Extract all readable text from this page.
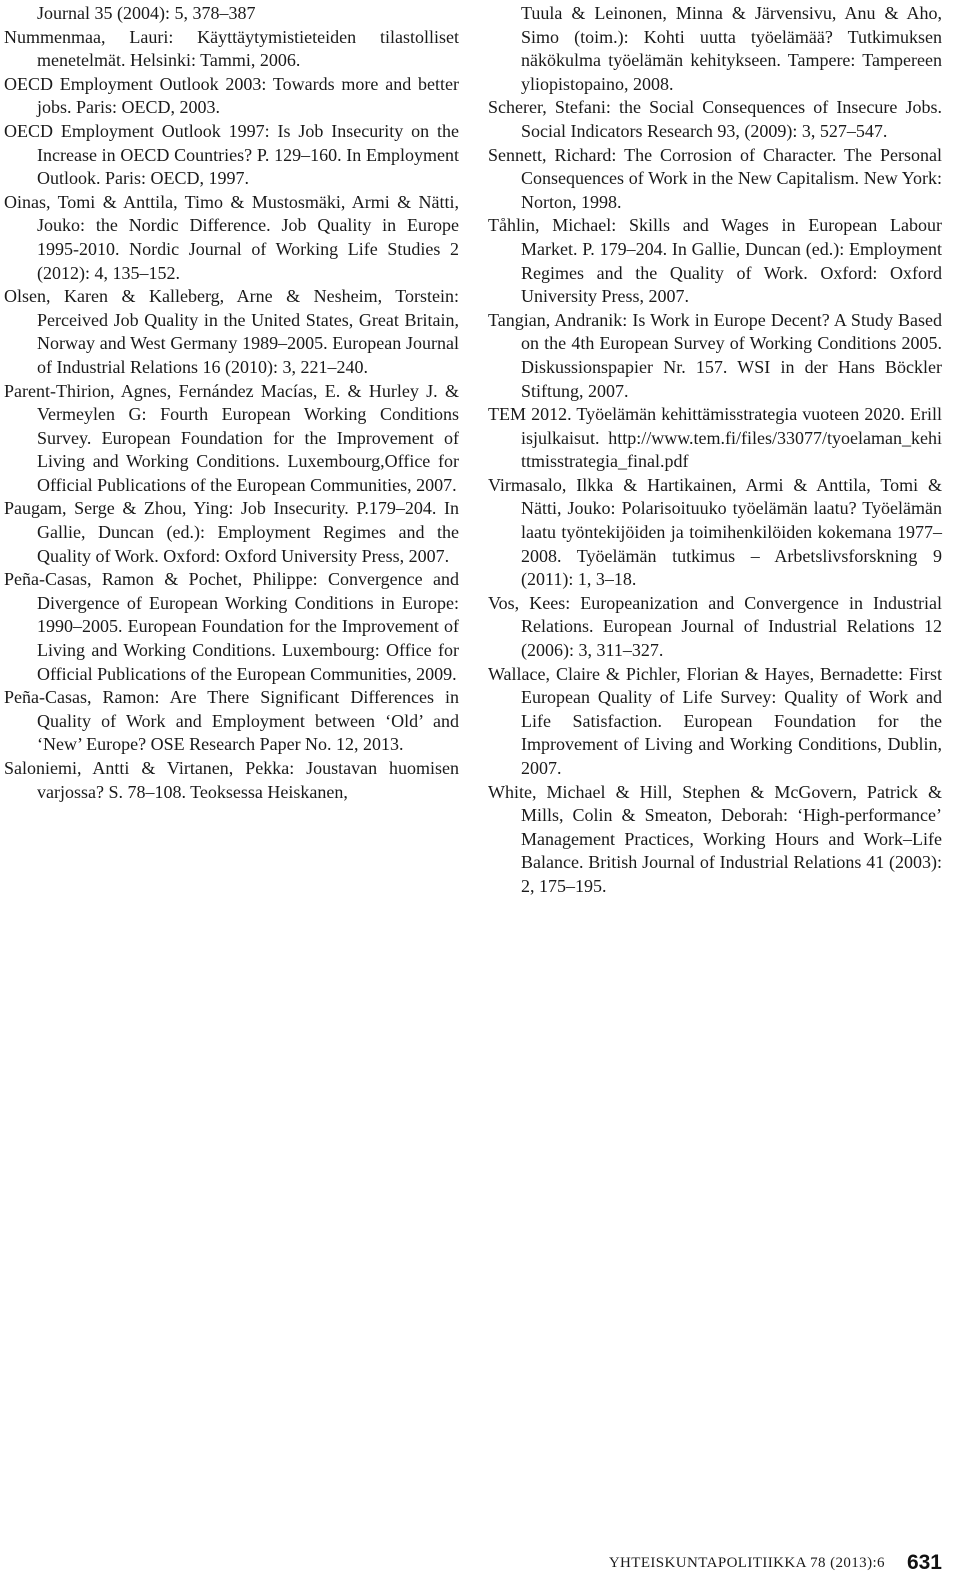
Journal 35 (2004): 5, 378–387

Nummenmaa, Lauri: Käyttäytymistieteiden tilastolliset menetelmät. Helsinki: Tammi, 2006.

OECD Employment Outlook 2003: Towards more and better jobs. Paris: OECD, 2003.

OECD Employment Outlook 1997: Is Job Insecurity on the Increase in OECD Countries? P. 129–160. In Employment Outlook. Paris: OECD, 1997.

Oinas, Tomi & Anttila, Timo & Mustosmäki, Armi & Nätti, Jouko: the Nordic Difference. Job Quality in Europe 1995-2010. Nordic Journal of Working Life Studies 2 (2012): 4, 135–152.

Olsen, Karen & Kalleberg, Arne & Nesheim, Torstein: Perceived Job Quality in the United States, Great Britain, Norway and West Germany 1989–2005. European Journal of Industrial Relations 16 (2010): 3, 221–240.

Parent-Thirion, Agnes, Fernández Macías, E. & Hurley J. & Vermeylen G: Fourth European Working Conditions Survey. European Foundation for the Improvement of Living and Working Conditions. Luxembourg,Office for Official Publications of the European Communities, 2007.

Paugam, Serge & Zhou, Ying: Job Insecurity. P.179–204. In Gallie, Duncan (ed.): Employment Regimes and the Quality of Work. Oxford: Oxford University Press, 2007.

Peña-Casas, Ramon & Pochet, Philippe: Convergence and Divergence of European Working Conditions in Europe: 1990–2005. European Foundation for the Improvement of Living and Working Conditions. Luxembourg: Office for Official Publications of the European Communities, 2009.

Peña-Casas, Ramon: Are There Significant Differences in Quality of Work and Employment between ‘Old’ and ‘New’ Europe? OSE Research Paper No. 12, 2013.

Saloniemi, Antti & Virtanen, Pekka: Joustavan huomisen varjossa? S. 78–108. Teoksessa Heiskanen,

Tuula & Leinonen, Minna & Järvensivu, Anu & Aho, Simo (toim.): Kohti uutta työelämää? Tutkimuksen näkökulma työelämän kehitykseen. Tampere: Tampereen yliopistopaino, 2008.

Scherer, Stefani: the Social Consequences of Insecure Jobs. Social Indicators Research 93, (2009): 3, 527–547.

Sennett, Richard: The Corrosion of Character. The Personal Consequences of Work in the New Capitalism. New York: Norton, 1998.

Tåhlin, Michael: Skills and Wages in European Labour Market. P. 179–204. In Gallie, Duncan (ed.): Employment Regimes and the Quality of Work. Oxford: Oxford University Press, 2007.

Tangian, Andranik: Is Work in Europe Decent? A Study Based on the 4th European Survey of Working Conditions 2005. Diskussionspapier Nr. 157. WSI in der Hans Böckler Stiftung, 2007.

TEM 2012. Työelämän kehittämisstrategia vuoteen 2020. Erillisjulkaisut. http://www.tem.fi/files/33077/tyoelaman_kehittmisstrategia_final.pdf

Virmasalo, Ilkka & Hartikainen, Armi & Anttila, Tomi & Nätti, Jouko: Polarisoituuko työelämän laatu? Työelämän laatu työntekijöiden ja toimihenkilöiden kokemana 1977–2008. Työelämän tutkimus – Arbetslivsforskning 9 (2011): 1, 3–18.

Vos, Kees: Europeanization and Convergence in Industrial Relations. European Journal of Industrial Relations 12 (2006): 3, 311–327.

Wallace, Claire & Pichler, Florian & Hayes, Bernadette: First European Quality of Life Survey: Quality of Work and Life Satisfaction. European Foundation for the Improvement of Living and Working Conditions, Dublin, 2007.

White, Michael & Hill, Stephen & McGovern, Patrick & Mills, Colin & Smeaton, Deborah: ‘High-performance’ Management Practices, Working Hours and Work–Life Balance. British Journal of Industrial Relations 41 (2003): 2, 175–195.

YHTEISKUNTAPOLITIIKKA 78 (2013):6 631
